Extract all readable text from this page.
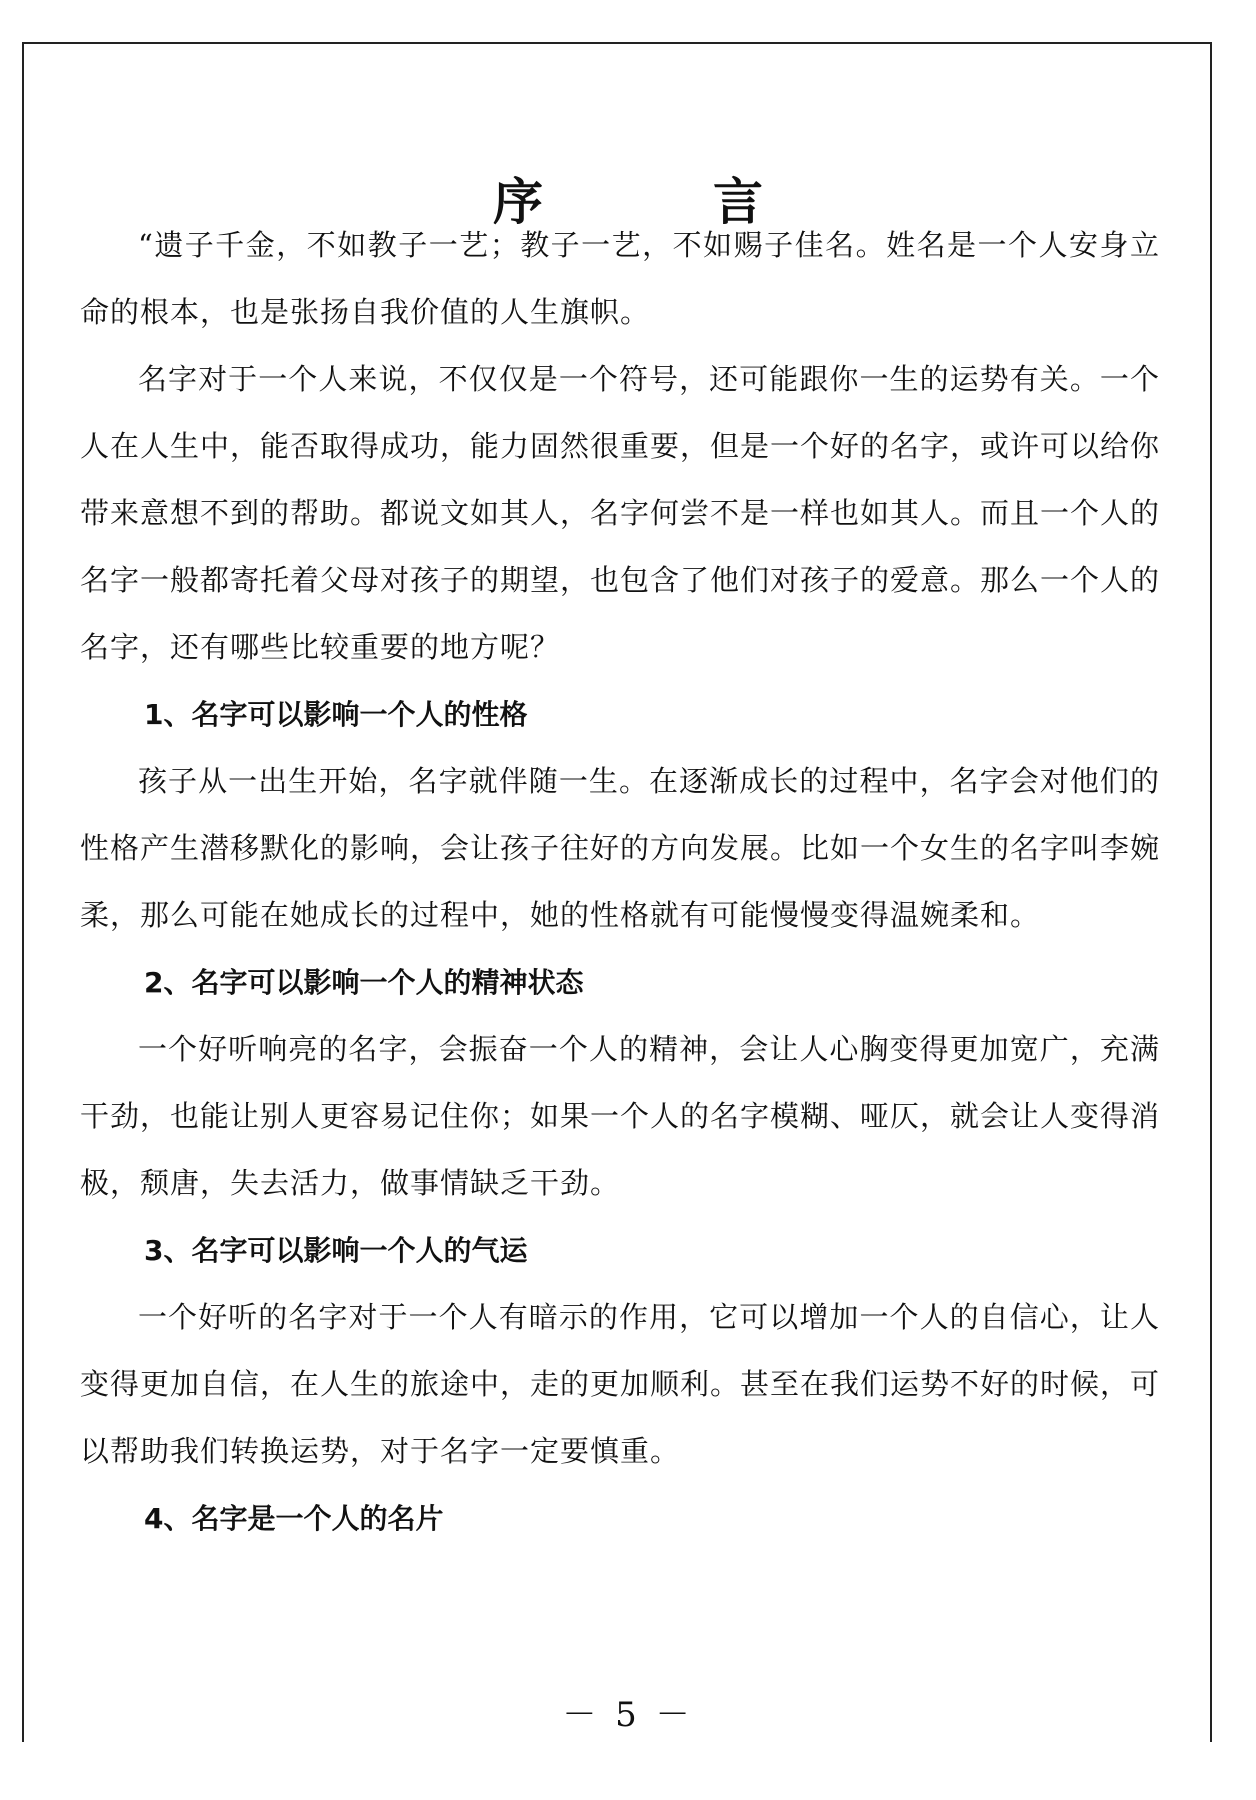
序　言

“遗子千金，不如教子一艺；教子一艺，不如赐子佳名。姓名是一个人安身立命的根本，也是张扬自我价值的人生旗帜。

名字对于一个人来说，不仅仅是一个符号，还可能跟你一生的运势有关。一个人在人生中，能否取得成功，能力固然很重要，但是一个好的名字，或许可以给你带来意想不到的帮助。都说文如其人，名字何尝不是一样也如其人。而且一个人的名字一般都寄托着父母对孩子的期望，也包含了他们对孩子的爱意。那么一个人的名字，还有哪些比较重要的地方呢？

1、名字可以影响一个人的性格

孩子从一出生开始，名字就伴随一生。在逐渐成长的过程中，名字会对他们的性格产生潜移默化的影响，会让孩子往好的方向发展。比如一个女生的名字叫李婉柔，那么可能在她成长的过程中，她的性格就有可能慢慢变得温婉柔和。

2、名字可以影响一个人的精神状态

一个好听响亮的名字，会振奋一个人的精神，会让人心胸变得更加宽广，充满干劲，也能让别人更容易记住你；如果一个人的名字模糊、哑仄，就会让人变得消极，颓唐，失去活力，做事情缺乏干劲。

3、名字可以影响一个人的气运

一个好听的名字对于一个人有暗示的作用，它可以增加一个人的自信心，让人变得更加自信，在人生的旅途中，走的更加顺利。甚至在我们运势不好的时候，可以帮助我们转换运势，对于名字一定要慎重。

4、名字是一个人的名片

－ 5 －
